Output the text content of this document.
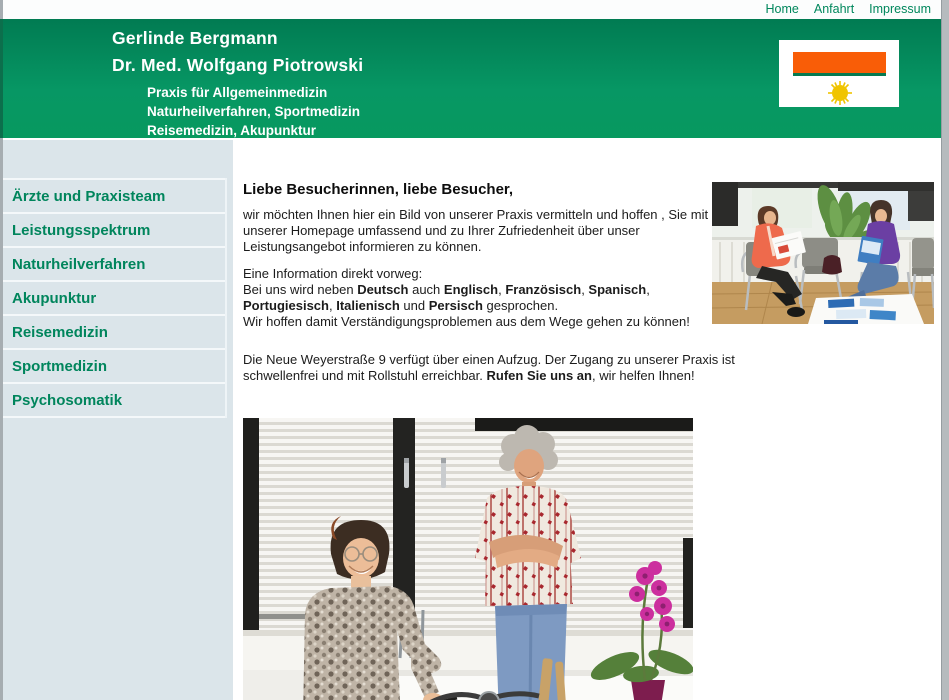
Home Anfahrt Impressum
Gerlinde Bergmann
Dr. Med. Wolfgang Piotrowski
Praxis für Allgemeinmedizin
Naturheilverfahren, Sportmedizin
Reisemedizin, Akupunktur
Ärzte und Praxisteam
Leistungsspektrum
Naturheilverfahren
Akupunktur
Reisemedizin
Sportmedizin
Psychosomatik
Liebe Besucherinnen, liebe Besucher,
wir möchten Ihnen hier ein Bild von unserer Praxis vermitteln und hoffen , Sie mit
unserer Homepage umfassend und zu Ihrer Zufriedenheit über unser
Leistungsangebot informieren zu können.
Eine Information direkt vorweg:
Bei uns wird neben Deutsch auch Englisch, Französisch, Spanisch,
Portugiesisch, Italienisch und Persisch gesprochen.
Wir hoffen damit Verständigungsproblemen aus dem Wege gehen zu können!
Die Neue Weyerstraße 9 verfügt über einen Aufzug. Der Zugang zu unserer Praxis ist
schwellenfrei und mit Rollstuhl erreichbar. Rufen Sie uns an, wir helfen Ihnen!
